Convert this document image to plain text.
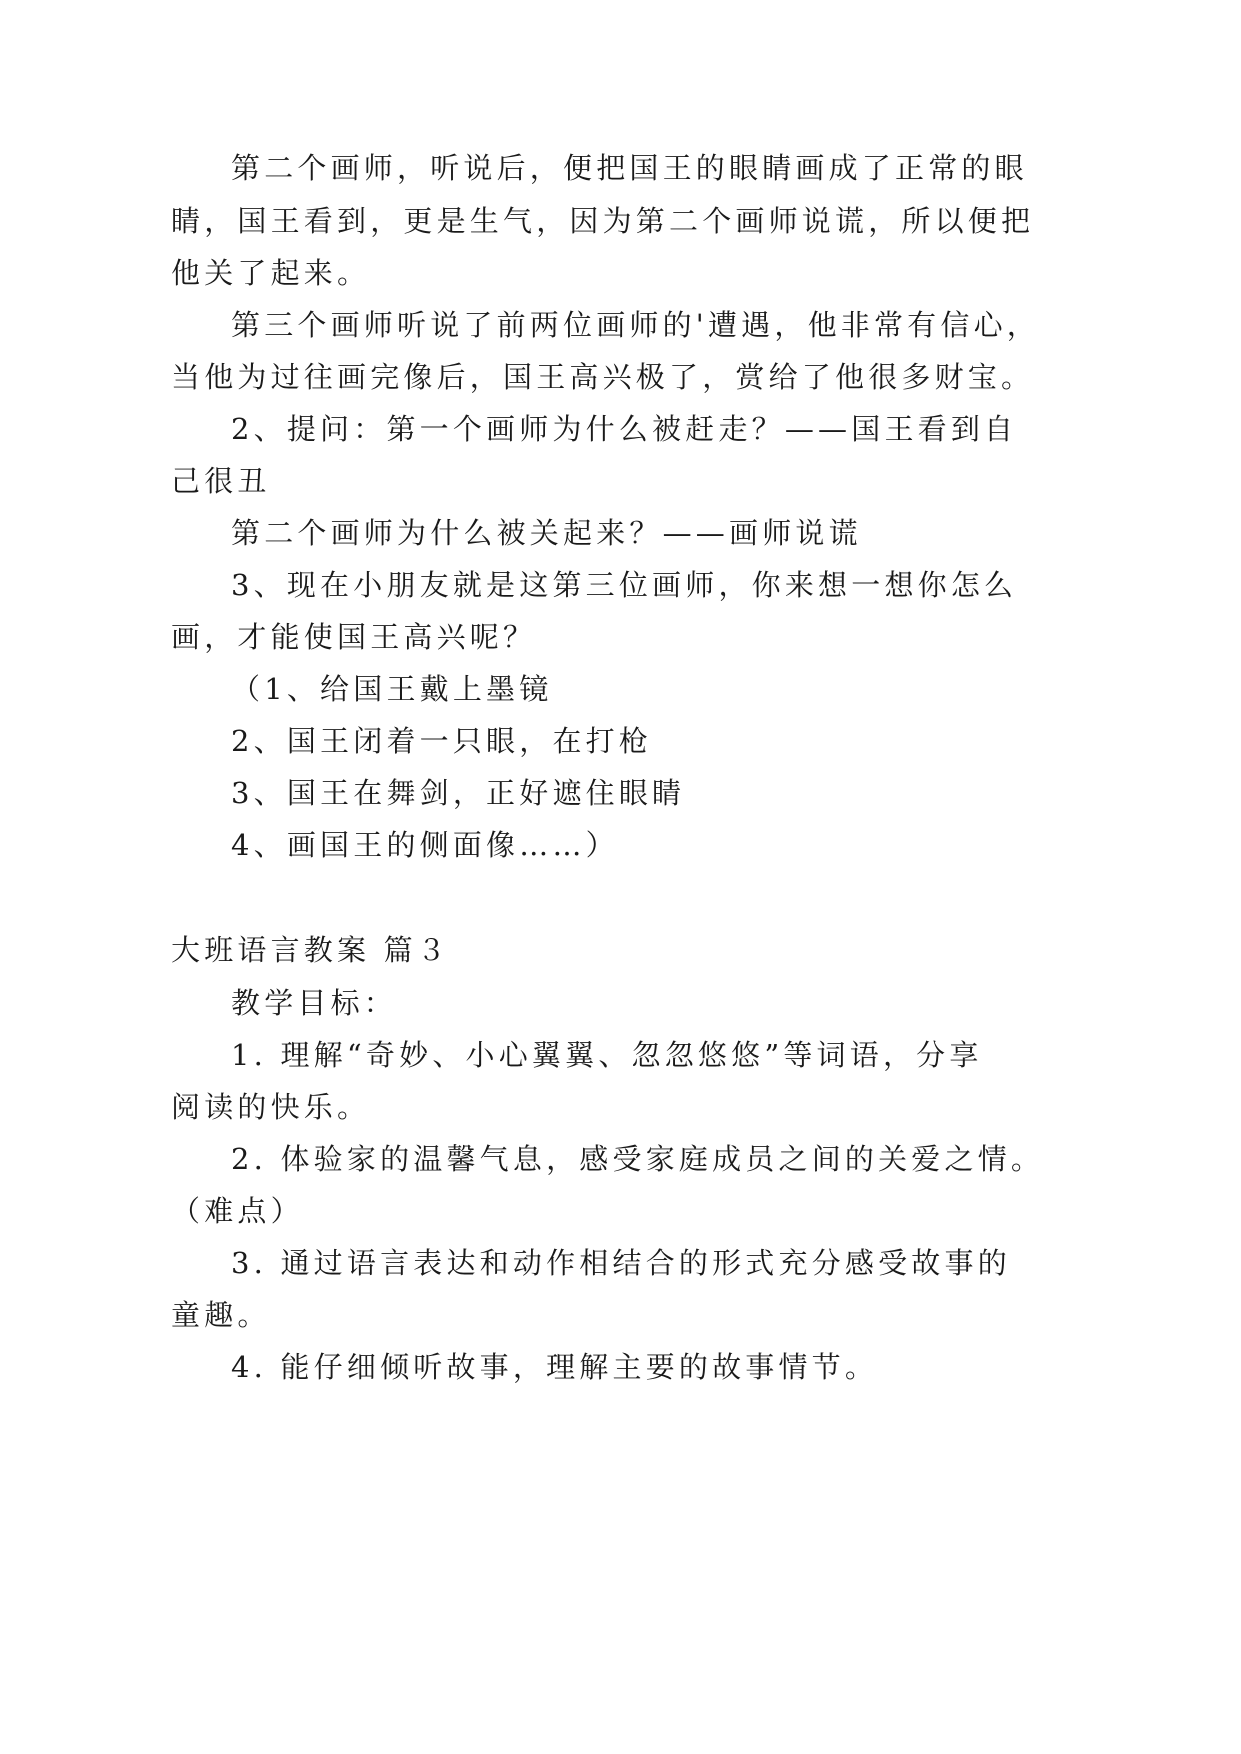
第二个画师，听说后，便把国王的眼睛画成了正常的眼
睛，国王看到，更是生气，因为第二个画师说谎，所以便把
他关了起来。
第三个画师听说了前两位画师的'遭遇，他非常有信心，
当他为过往画完像后，国王高兴极了，赏给了他很多财宝。
2、提问：第一个画师为什么被赶走？——国王看到自
己很丑
第二个画师为什么被关起来？——画师说谎
3、现在小朋友就是这第三位画师，你来想一想你怎么
画，才能使国王高兴呢？
（1、给国王戴上墨镜
2、国王闭着一只眼，在打枪
3、国王在舞剑，正好遮住眼睛
4、画国王的侧面像……）
大班语言教案 篇３
教学目标：
1. 理解“奇妙、小心翼翼、忽忽悠悠”等词语，分享
阅读的快乐。
2. 体验家的温馨气息，感受家庭成员之间的关爱之情。
（难点）
3. 通过语言表达和动作相结合的形式充分感受故事的
童趣。
4. 能仔细倾听故事，理解主要的故事情节。
